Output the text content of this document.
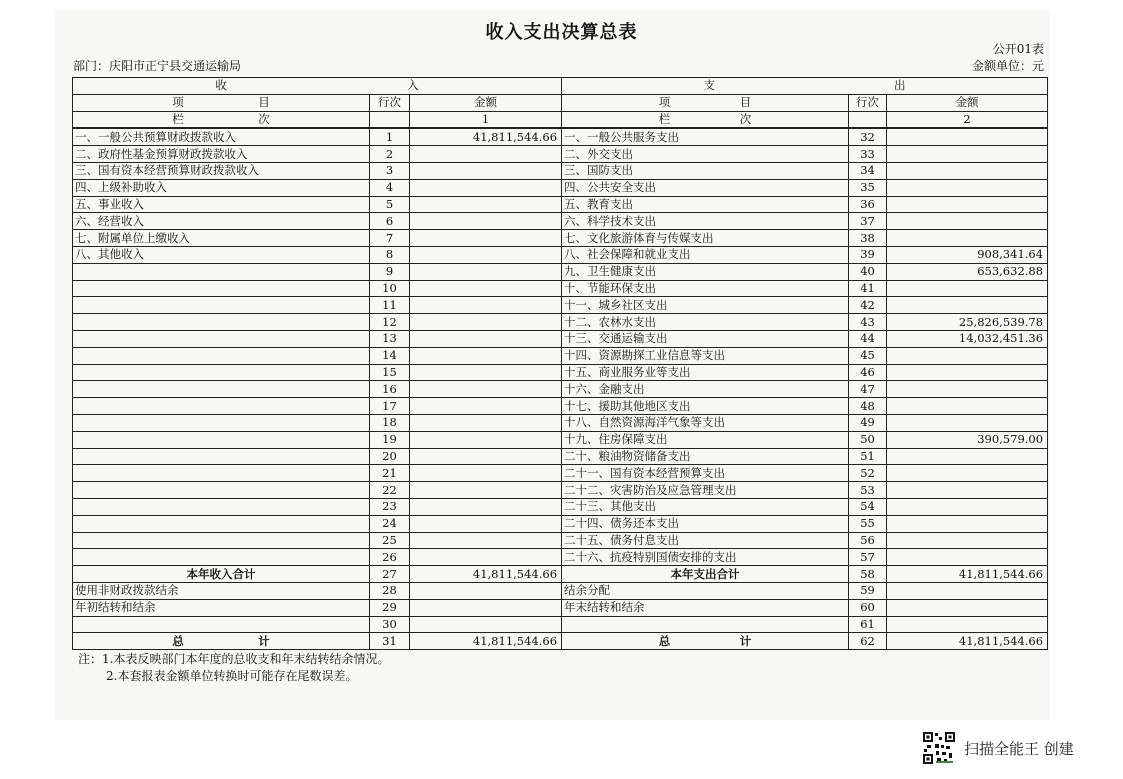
收入支出决算总表
公开01表
部门：庆阳市正宁县交通运输局	金额单位：元
收 入			支 出		

项 目	行次	金额	项 目	行次	金额

栏 次		1	栏 次		2
一、一般公共预算财政拨款收入	1	41,811,544.66	一、一般公共服务支出	32	
二、政府性基金预算财政拨款收入	2		二、外交支出	33	
三、国有资本经营预算财政拨款收入	3		三、国防支出	34	
四、上级补助收入	4		四、公共安全支出	35	
五、事业收入	5		五、教育支出	36	
六、经营收入	6		六、科学技术支出	37	
七、附属单位上缴收入	7		七、文化旅游体育与传媒支出	38	
八、其他收入	8		八、社会保障和就业支出	39	908,341.64
	9		九、卫生健康支出	40	653,632.88
	10		十、节能环保支出	41	
	11		十一、城乡社区支出	42	
	12		十二、农林水支出	43	25,826,539.78
	13		十三、交通运输支出	44	14,032,451.36
	14		十四、资源勘探工业信息等支出	45	
	15		十五、商业服务业等支出	46	
	16		十六、金融支出	47	
	17		十七、援助其他地区支出	48	
	18		十八、自然资源海洋气象等支出	49	
	19		十九、住房保障支出	50	390,579.00
	20		二十、粮油物资储备支出	51	
	21		二十一、国有资本经营预算支出	52	
	22		二十二、灾害防治及应急管理支出	53	
	23		二十三、其他支出	54	
	24		二十四、债务还本支出	55	
	25		二十五、债务付息支出	56	
	26		二十六、抗疫特别国债安排的支出	57	
本年收入合计	27	41,811,544.66	本年支出合计	58	41,811,544.66
使用非财政拨款结余	28		结余分配	59	
年初结转和结余	29		年末结转和结余	60	
	30			61	

总 计	31	41,811,544.66	总 计	62	41,811,544.66
注：1.本表反映部门本年度的总收支和年末结转结余情况。
2.本套报表金额单位转换时可能存在尾数误差。
扫描全能王 创建
